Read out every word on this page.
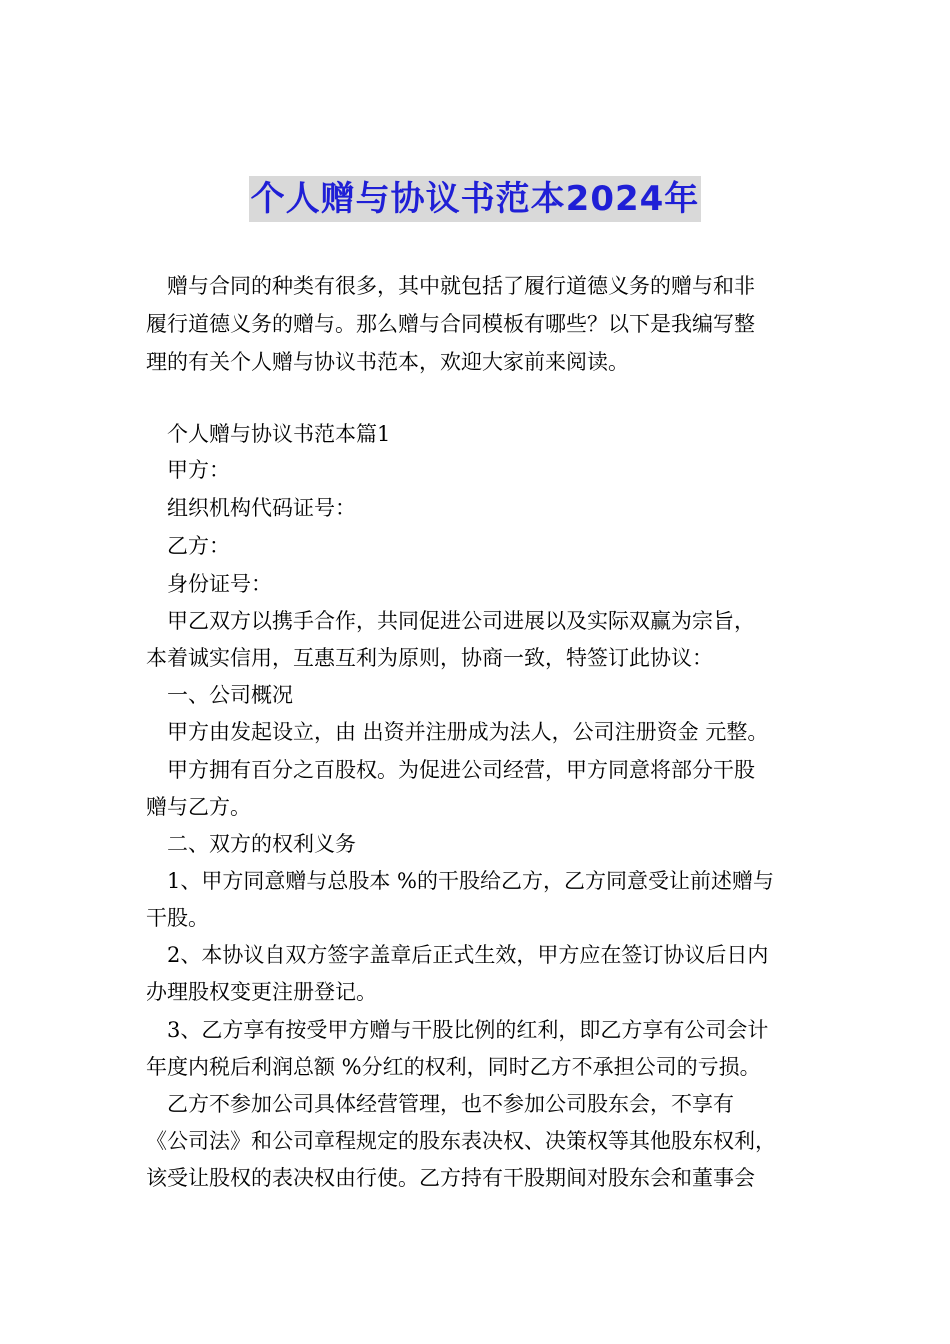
个人赠与协议书范本2024年
　赠与合同的种类有很多，其中就包括了履行道德义务的赠与和非
履行道德义务的赠与。那么赠与合同模板有哪些？以下是我编写整
理的有关个人赠与协议书范本，欢迎大家前来阅读。
　个人赠与协议书范本篇1
　甲方：
　组织机构代码证号：
　乙方：
　身份证号：
　甲乙双方以携手合作，共同促进公司进展以及实际双赢为宗旨，
本着诚实信用，互惠互利为原则，协商一致，特签订此协议：
　一、公司概况
　甲方由发起设立，由 出资并注册成为法人，公司注册资金 元整。
　甲方拥有百分之百股权。为促进公司经营，甲方同意将部分干股
赠与乙方。
　二、双方的权利义务
　1、甲方同意赠与总股本 %的干股给乙方，乙方同意受让前述赠与
干股。
　2、本协议自双方签字盖章后正式生效，甲方应在签订协议后日内
办理股权变更注册登记。
　3、乙方享有按受甲方赠与干股比例的红利，即乙方享有公司会计
年度内税后利润总额 %分红的权利，同时乙方不承担公司的亏损。
　乙方不参加公司具体经营管理，也不参加公司股东会，不享有
《公司法》和公司章程规定的股东表决权、决策权等其他股东权利，
该受让股权的表决权由行使。乙方持有干股期间对股东会和董事会
